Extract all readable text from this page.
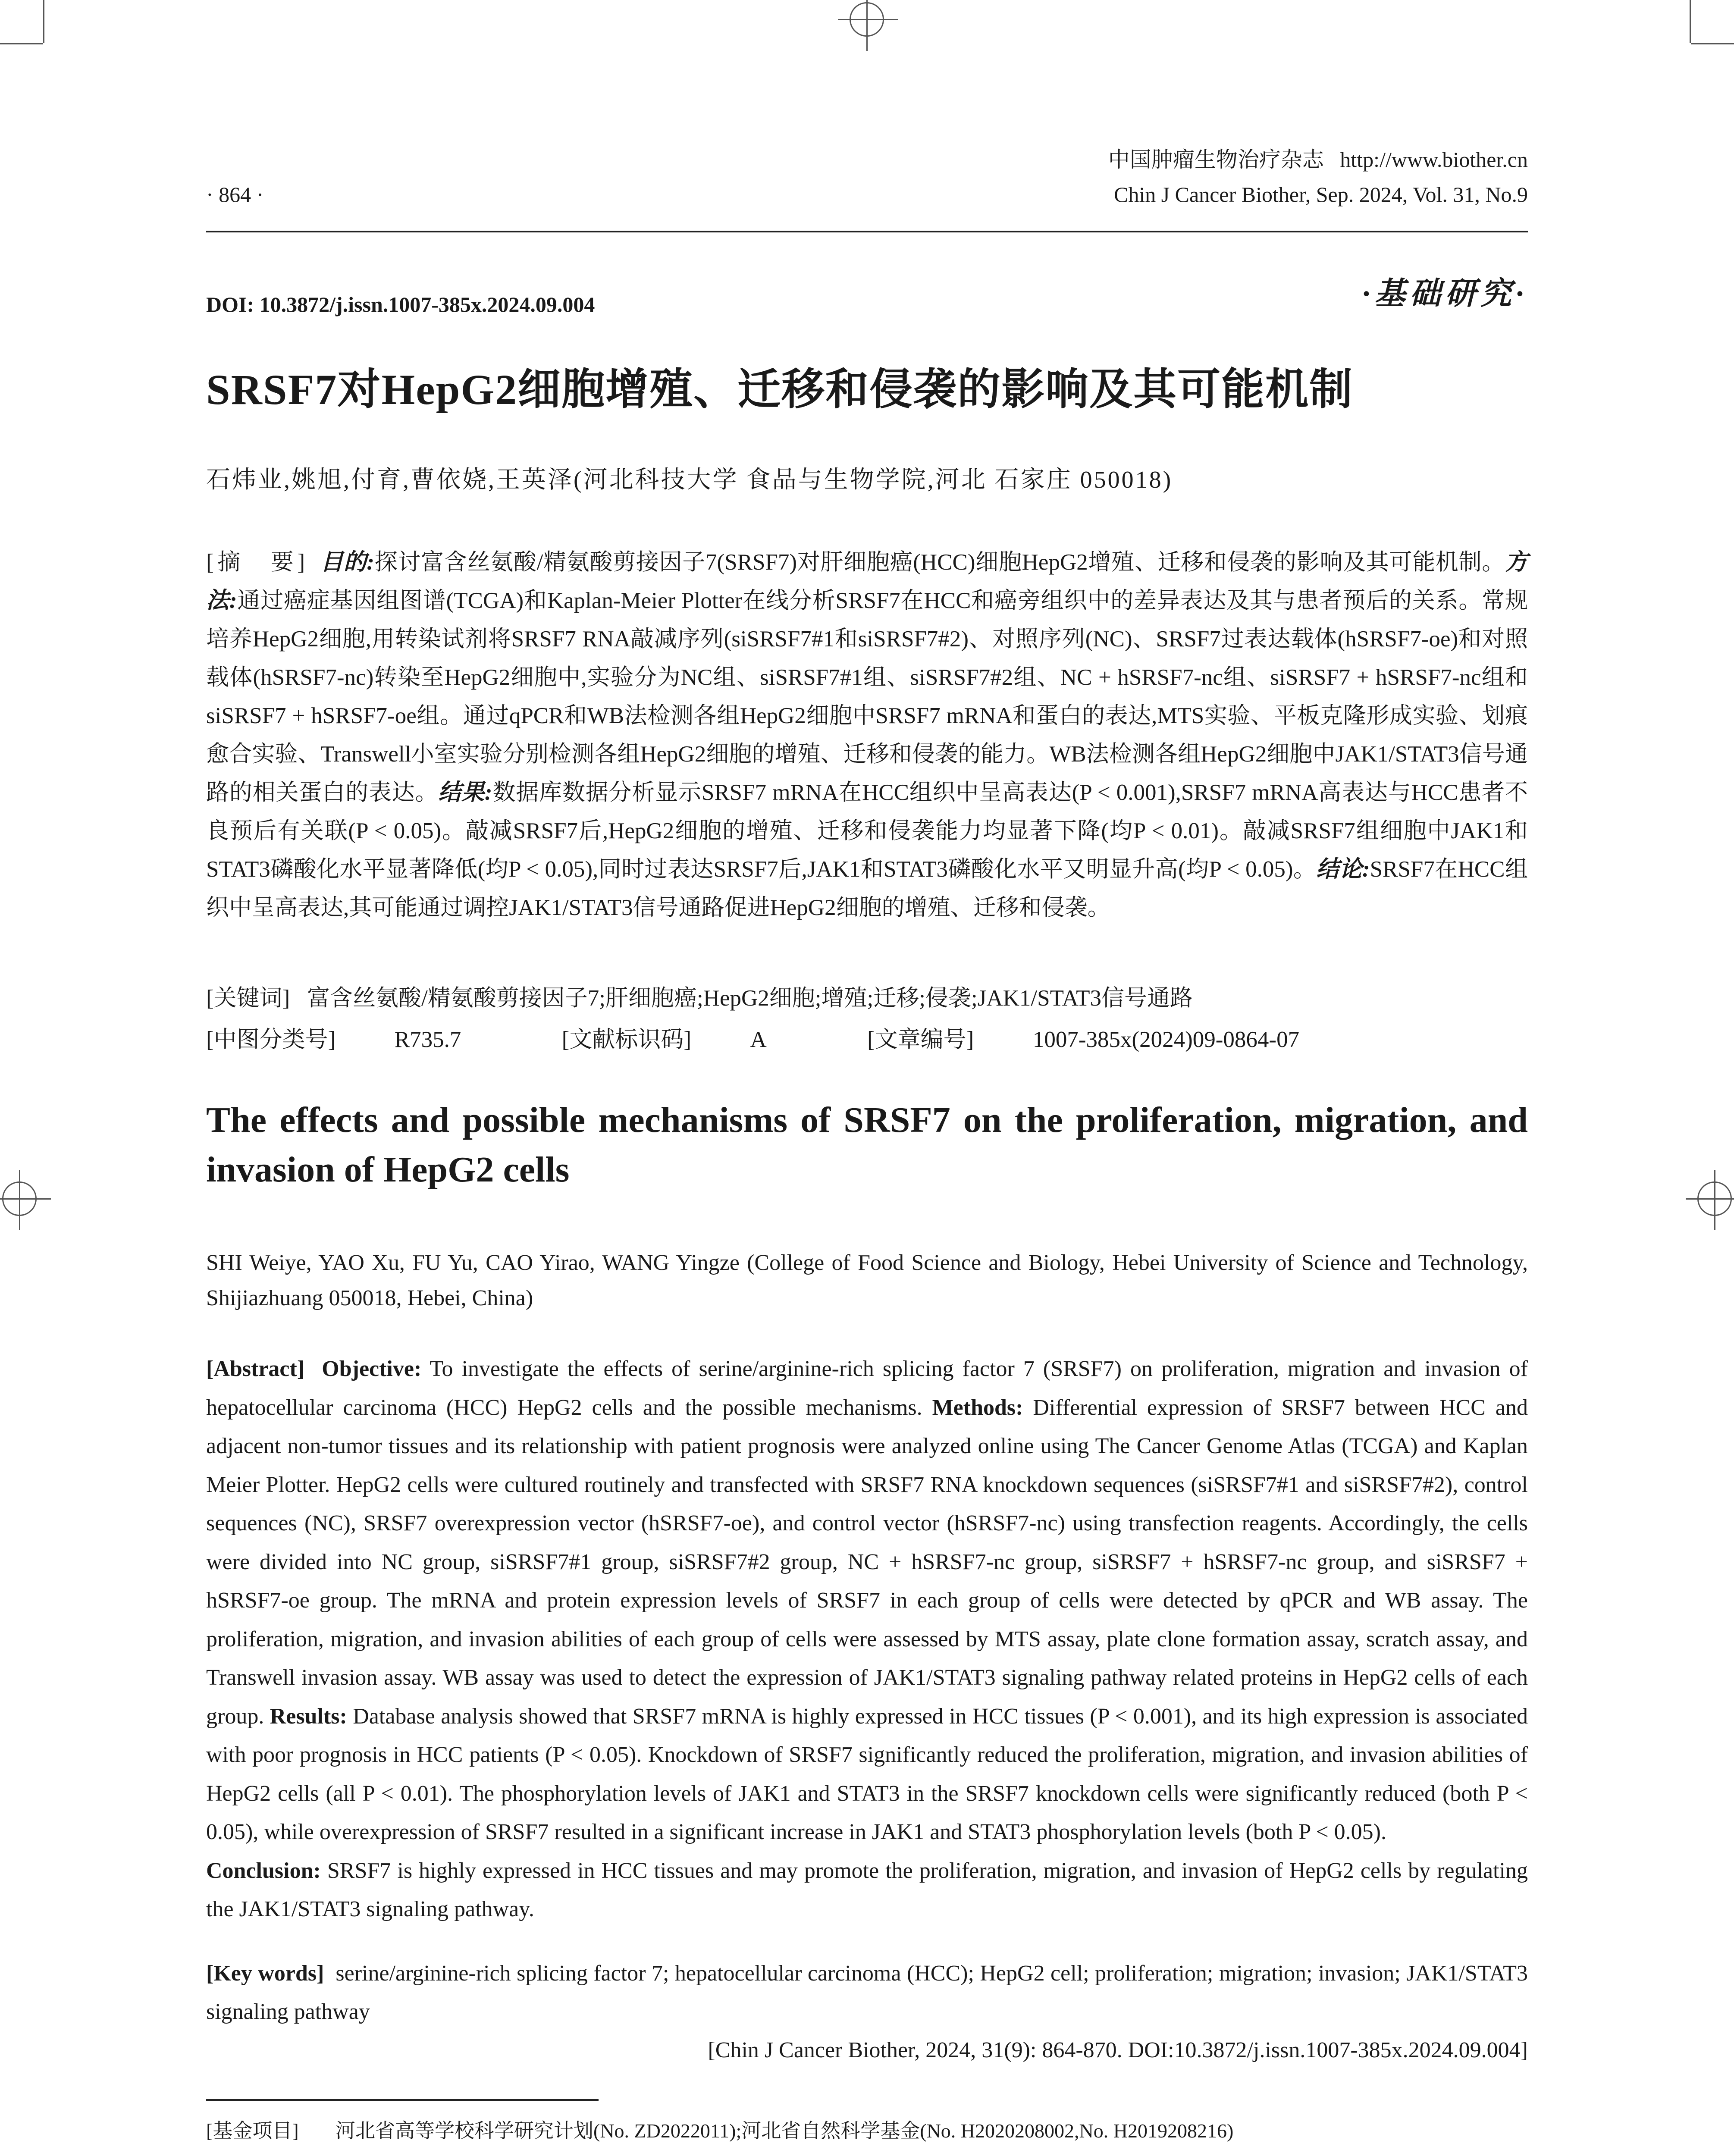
中国肿瘤生物治疗杂志 http://www.biother.cn
· 864 ·	Chin J Cancer Biother, Sep. 2024, Vol. 31, No.9
DOI: 10.3872/j.issn.1007-385x.2024.09.004	·基础研究·
SRSF7对HepG2细胞增殖、迁移和侵袭的影响及其可能机制
石炜业,姚旭,付育,曹依娆,王英泽(河北科技大学 食品与生物学院,河北 石家庄 050018)

[摘　要] 目的:探讨富含丝氨酸/精氨酸剪接因子7(SRSF7)对肝细胞癌(HCC)细胞HepG2增殖、迁移和侵袭的影响及其可能机制。方法:通过癌症基因组图谱(TCGA)和Kaplan-Meier Plotter在线分析SRSF7在HCC和癌旁组织中的差异表达及其与患者预后的关系。常规培养HepG2细胞,用转染试剂将SRSF7 RNA敲减序列(siSRSF7#1和siSRSF7#2)、对照序列(NC)、SRSF7过表达载体(hSRSF7-oe)和对照载体(hSRSF7-nc)转染至HepG2细胞中,实验分为NC组、siSRSF7#1组、siSRSF7#2组、NC + hSRSF7-nc组、siSRSF7 + hSRSF7-nc组和siSRSF7 + hSRSF7-oe组。通过qPCR和WB法检测各组HepG2细胞中SRSF7 mRNA和蛋白的表达,MTS实验、平板克隆形成实验、划痕愈合实验、Transwell小室实验分别检测各组HepG2细胞的增殖、迁移和侵袭的能力。WB法检测各组HepG2细胞中JAK1/STAT3信号通路的相关蛋白的表达。结果:数据库数据分析显示SRSF7 mRNA在HCC组织中呈高表达(P < 0.001),SRSF7 mRNA高表达与HCC患者不良预后有关联(P < 0.05)。敲减SRSF7后,HepG2细胞的增殖、迁移和侵袭能力均显著下降(均P < 0.01)。敲减SRSF7组细胞中JAK1和STAT3磷酸化水平显著降低(均P < 0.05),同时过表达SRSF7后,JAK1和STAT3磷酸化水平又明显升高(均P < 0.05)。结论:SRSF7在HCC组织中呈高表达,其可能通过调控JAK1/STAT3信号通路促进HepG2细胞的增殖、迁移和侵袭。

[关键词] 富含丝氨酸/精氨酸剪接因子7;肝细胞癌;HepG2细胞;增殖;迁移;侵袭;JAK1/STAT3信号通路
[中图分类号]	R735.7	[文献标识码]	A	[文章编号]	1007-385x(2024)09-0864-07
The effects and possible mechanisms of SRSF7 on the proliferation, migration, and invasion of HepG2 cells
SHI Weiye, YAO Xu, FU Yu, CAO Yirao, WANG Yingze (College of Food Science and Biology, Hebei University of Science and Technology, Shijiazhuang 050018, Hebei, China)
[Abstract] Objective: To investigate the effects of serine/arginine-rich splicing factor 7 (SRSF7) on proliferation, migration and invasion of hepatocellular carcinoma (HCC) HepG2 cells and the possible mechanisms. Methods: Differential expression of SRSF7 between HCC and adjacent non-tumor tissues and its relationship with patient prognosis were analyzed online using The Cancer Genome Atlas (TCGA) and Kaplan Meier Plotter. HepG2 cells were cultured routinely and transfected with SRSF7 RNA knockdown sequences (siSRSF7#1 and siSRSF7#2), control sequences (NC), SRSF7 overexpression vector (hSRSF7-oe), and control vector (hSRSF7-nc) using transfection reagents. Accordingly, the cells were divided into NC group, siSRSF7#1 group, siSRSF7#2 group, NC + hSRSF7-nc group, siSRSF7 + hSRSF7-nc group, and siSRSF7 + hSRSF7-oe group. The mRNA and protein expression levels of SRSF7 in each group of cells were detected by qPCR and WB assay. The proliferation, migration, and invasion abilities of each group of cells were assessed by MTS assay, plate clone formation assay, scratch assay, and Transwell invasion assay. WB assay was used to detect the expression of JAK1/STAT3 signaling pathway related proteins in HepG2 cells of each group. Results: Database analysis showed that SRSF7 mRNA is highly expressed in HCC tissues (P < 0.001), and its high expression is associated with poor prognosis in HCC patients (P < 0.05). Knockdown of SRSF7 significantly reduced the proliferation, migration, and invasion abilities of HepG2 cells (all P < 0.01). The phosphorylation levels of JAK1 and STAT3 in the SRSF7 knockdown cells were significantly reduced (both P < 0.05), while overexpression of SRSF7 resulted in a significant increase in JAK1 and STAT3 phosphorylation levels (both P < 0.05).
Conclusion: SRSF7 is highly expressed in HCC tissues and may promote the proliferation, migration, and invasion of HepG2 cells by regulating the JAK1/STAT3 signaling pathway.
[Key words] serine/arginine-rich splicing factor 7; hepatocellular carcinoma (HCC); HepG2 cell; proliferation; migration; invasion; JAK1/STAT3 signaling pathway
[Chin J Cancer Biother, 2024, 31(9): 864-870. DOI:10.3872/j.issn.1007-385x.2024.09.004]
[基金项目] 河北省高等学校科学研究计划(No. ZD2022011);河北省自然科学基金(No. H2020208002,No. H2019208216)
